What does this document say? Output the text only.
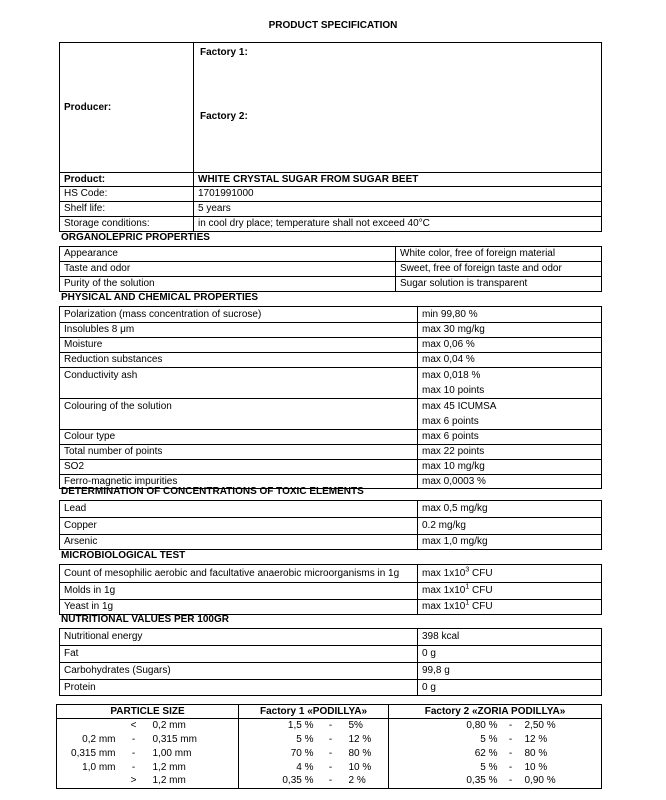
PRODUCT SPECIFICATION
Producer:	
Factory 1:
Factory 2:
Product:	WHITE CRYSTAL SUGAR FROM SUGAR BEET
HS Code:	1701991000
Shelf life:	5 years
Storage conditions:	in cool dry place; temperature shall not exceed 40°C
ORGANOLEPRIC PROPERTIES
Appearance	White color, free of foreign material
Taste and odor	Sweet, free of foreign taste and odor
Purity of the solution	Sugar solution is transparent
PHYSICAL AND CHEMICAL PROPERTIES
Polarization (mass concentration of sucrose)	min 99,80 %
Insolubles 8 μm	max 30 mg/kg
Moisture	max 0,06 %
Reduction substances	max 0,04 %
Conductivity ash	max 0,018 %
max 10 points

Colouring of the solution	max 45 ICUMSA
max 6 points

Colour type	max 6 points
Total number of points	max 22 points
SO2	max 10 mg/kg
Ferro-magnetic impurities	max 0,0003 %
DETERMINATION OF CONCENTRATIONS OF TOXIC ELEMENTS
Lead	max 0,5 mg/kg
Copper	0.2 mg/kg
Arsenic	max 1,0 mg/kg
MICROBIOLOGICAL TEST
Count of mesophilic aerobic and facultative anaerobic microorganisms in 1g	$\max 1x10^3$ CFU
Molds in 1g	$\max 1x10^1$ CFU
Yeast in 1g	$\max 1x10^1$ CFU
NUTRITIONAL VALUES PER 100GR
Nutritional energy	398 kcal
Fat	0 g
Carbohydrates (Sugars)	99,8 g
Protein	0 g
PARTICLE SIZE	Factory 1 «PODILLYA»	Factory 2 «ZORIA PODILLYA»
	<	0,2 mm	1,5 %	-	5%	0,80 %	-	2,50 %
0,2 mm	-	0,315 mm	5 %	-	12 %	5 %	-	12 %
0,315 mm	-	1,00 mm	70 %	-	80 %	62 %	-	80 %
1,0 mm	-	1,2 mm	4 %	-	10 %	5 %	-	10 %
	>	1,2 mm	0,35 %	-	2 %	0,35 %	-	0,90 %
